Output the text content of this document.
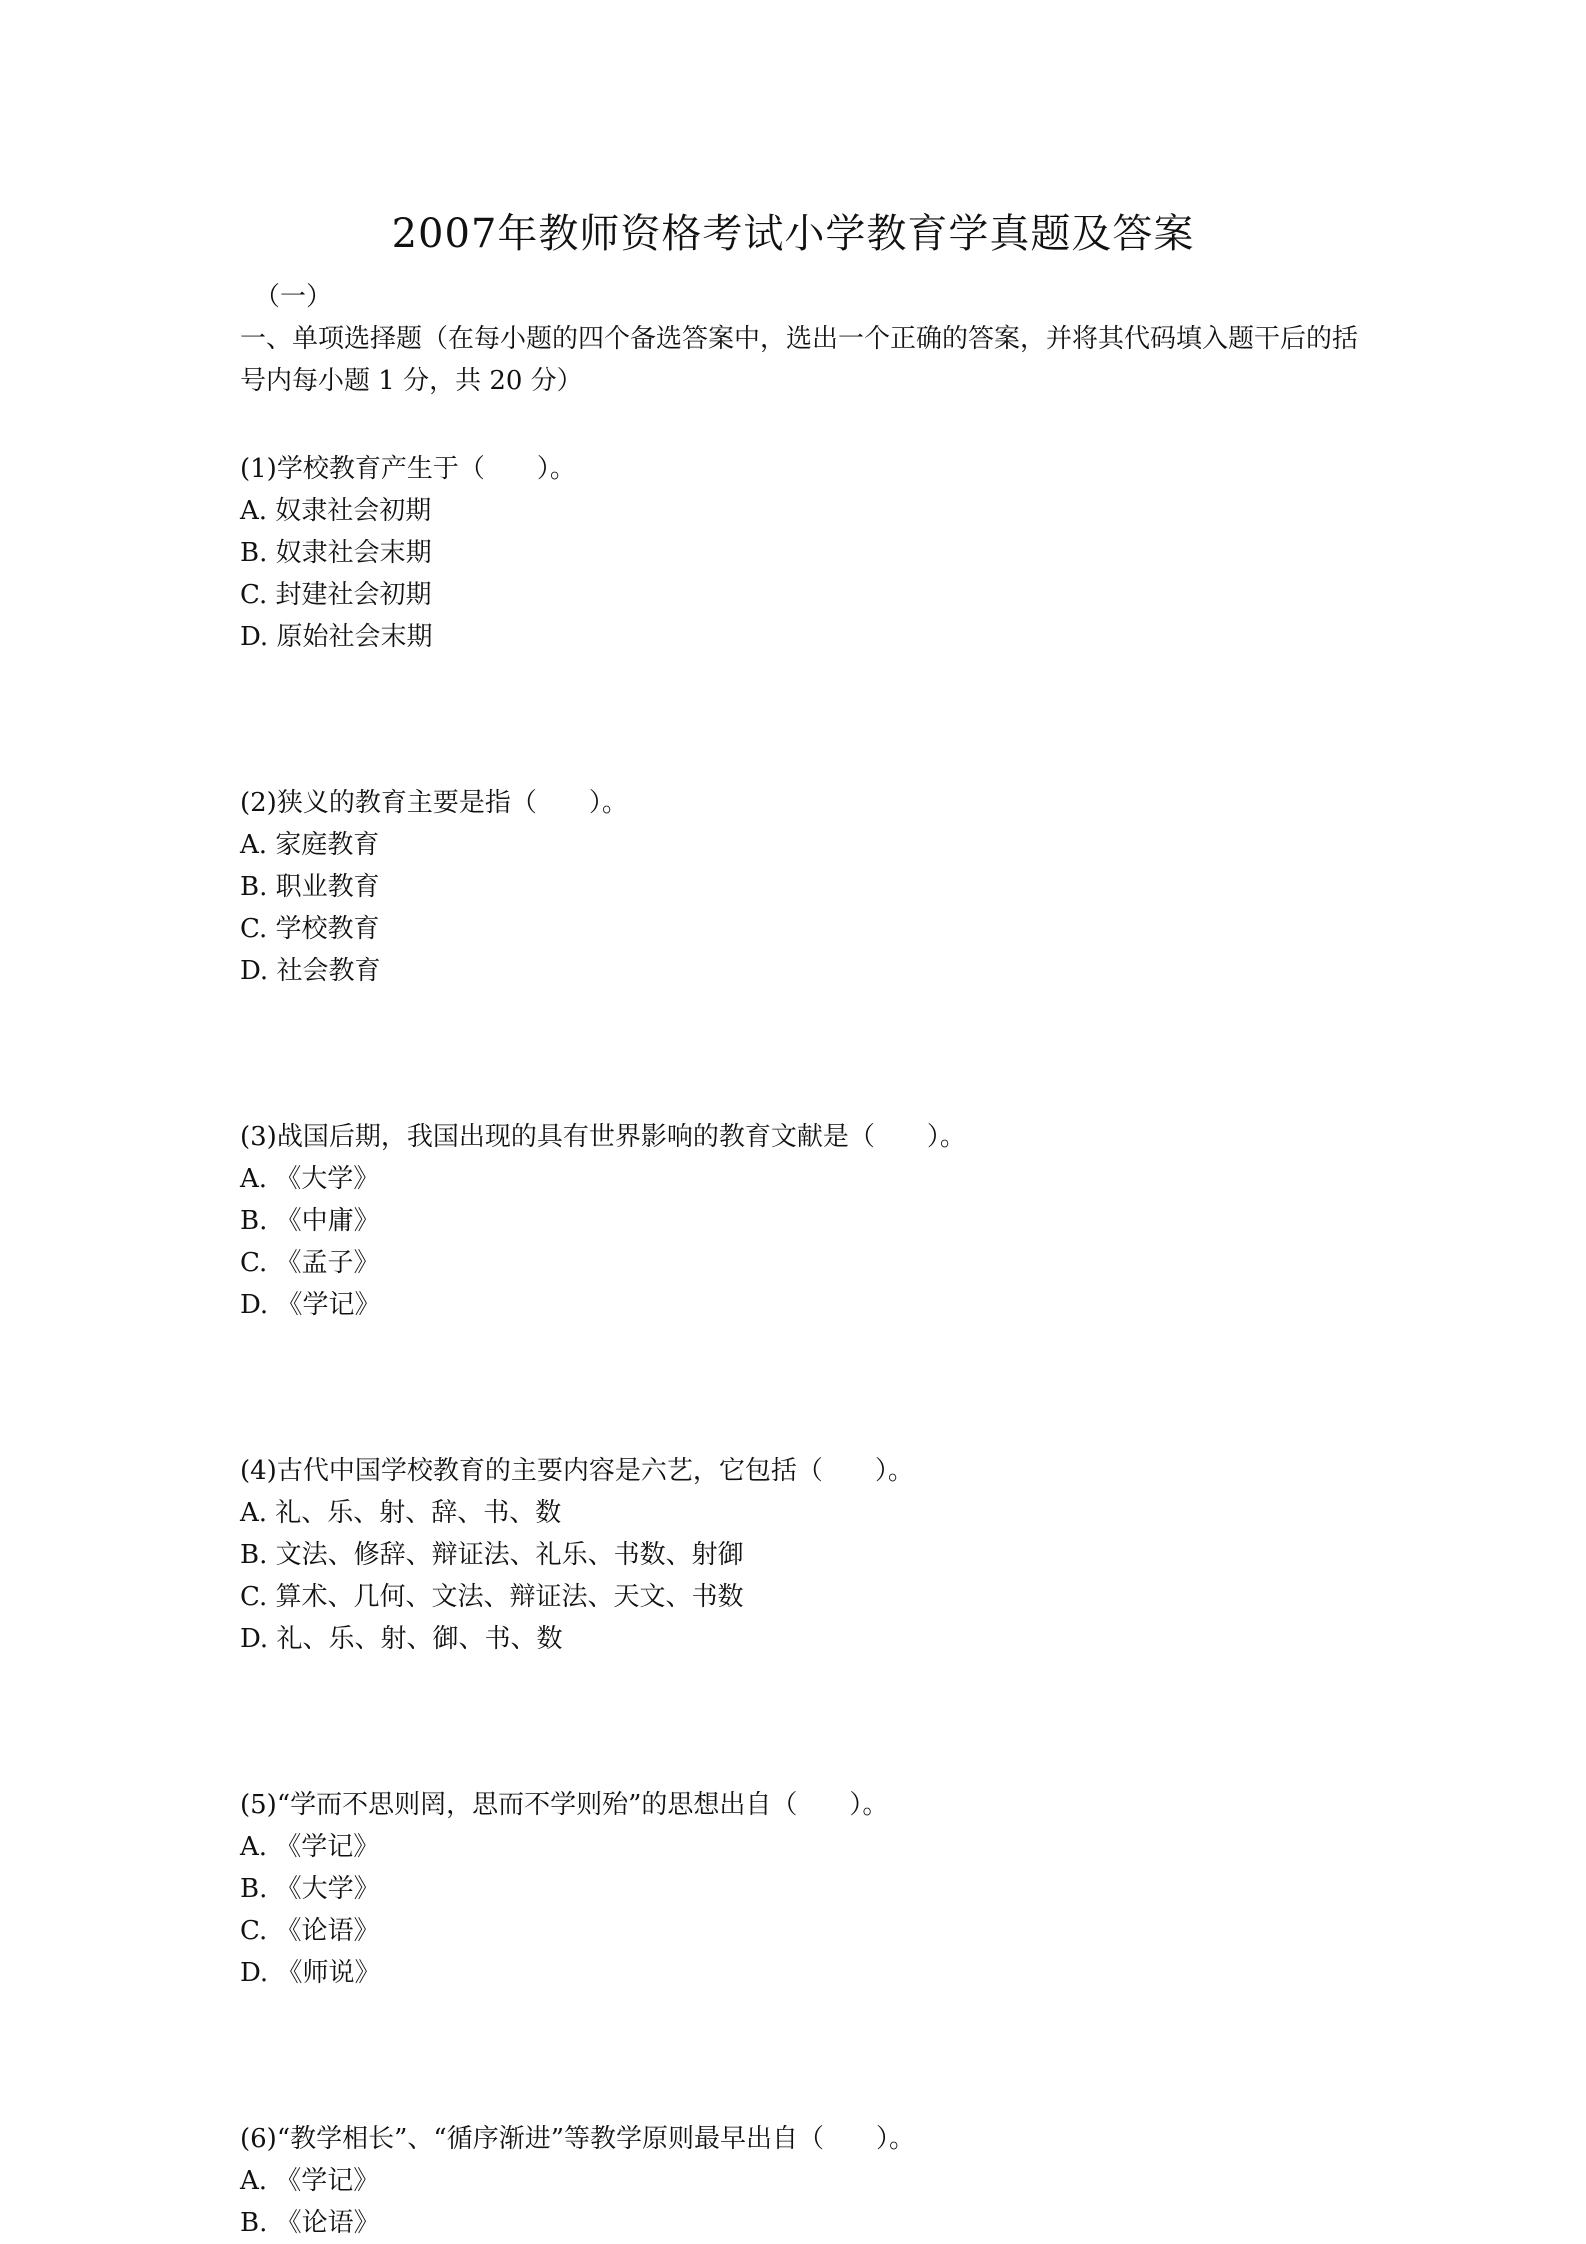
2007年教师资格考试小学教育学真题及答案

（一）

一、单项选择题（在每小题的四个备选答案中，选出一个正确的答案，并将其代码填入题干后的括号内每小题 1 分，共 20 分）

(1)学校教育产生于（　　）。

A. 奴隶社会初期

B. 奴隶社会末期

C. 封建社会初期

D. 原始社会末期

(2)狭义的教育主要是指（　　）。

A. 家庭教育

B. 职业教育

C. 学校教育

D. 社会教育

(3)战国后期，我国出现的具有世界影响的教育文献是（　　）。

A. 《大学》

B. 《中庸》

C. 《孟子》

D. 《学记》

(4)古代中国学校教育的主要内容是六艺，它包括（　　）。

A. 礼、乐、射、辞、书、数

B. 文法、修辞、辩证法、礼乐、书数、射御

C. 算术、几何、文法、辩证法、天文、书数

D. 礼、乐、射、御、书、数

(5)“学而不思则罔，思而不学则殆”的思想出自（　　）。

A. 《学记》

B. 《大学》

C. 《论语》

D. 《师说》

(6)“教学相长”、“循序渐进”等教学原则最早出自（　　）。

A. 《学记》

B. 《论语》
